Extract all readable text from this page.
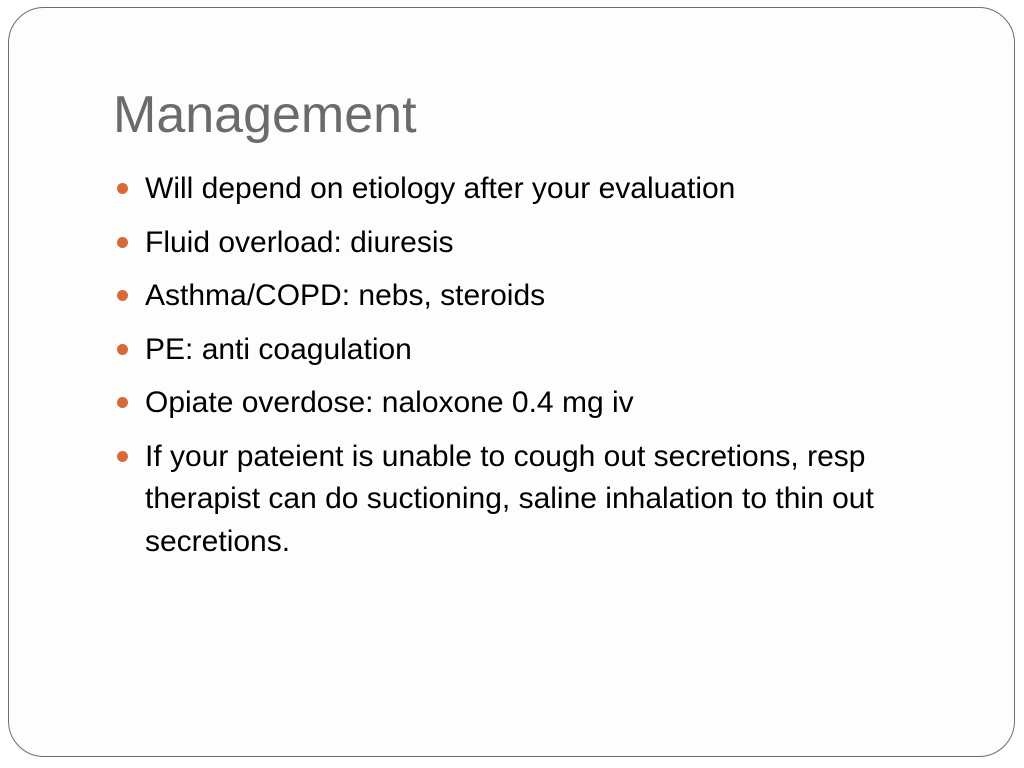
Management
Will depend on etiology after your evaluation
Fluid overload: diuresis
Asthma/COPD: nebs, steroids
PE: anti coagulation
Opiate overdose: naloxone 0.4 mg iv
If your pateient is unable to cough out secretions, resp therapist can do suctioning, saline inhalation to thin out secretions.
